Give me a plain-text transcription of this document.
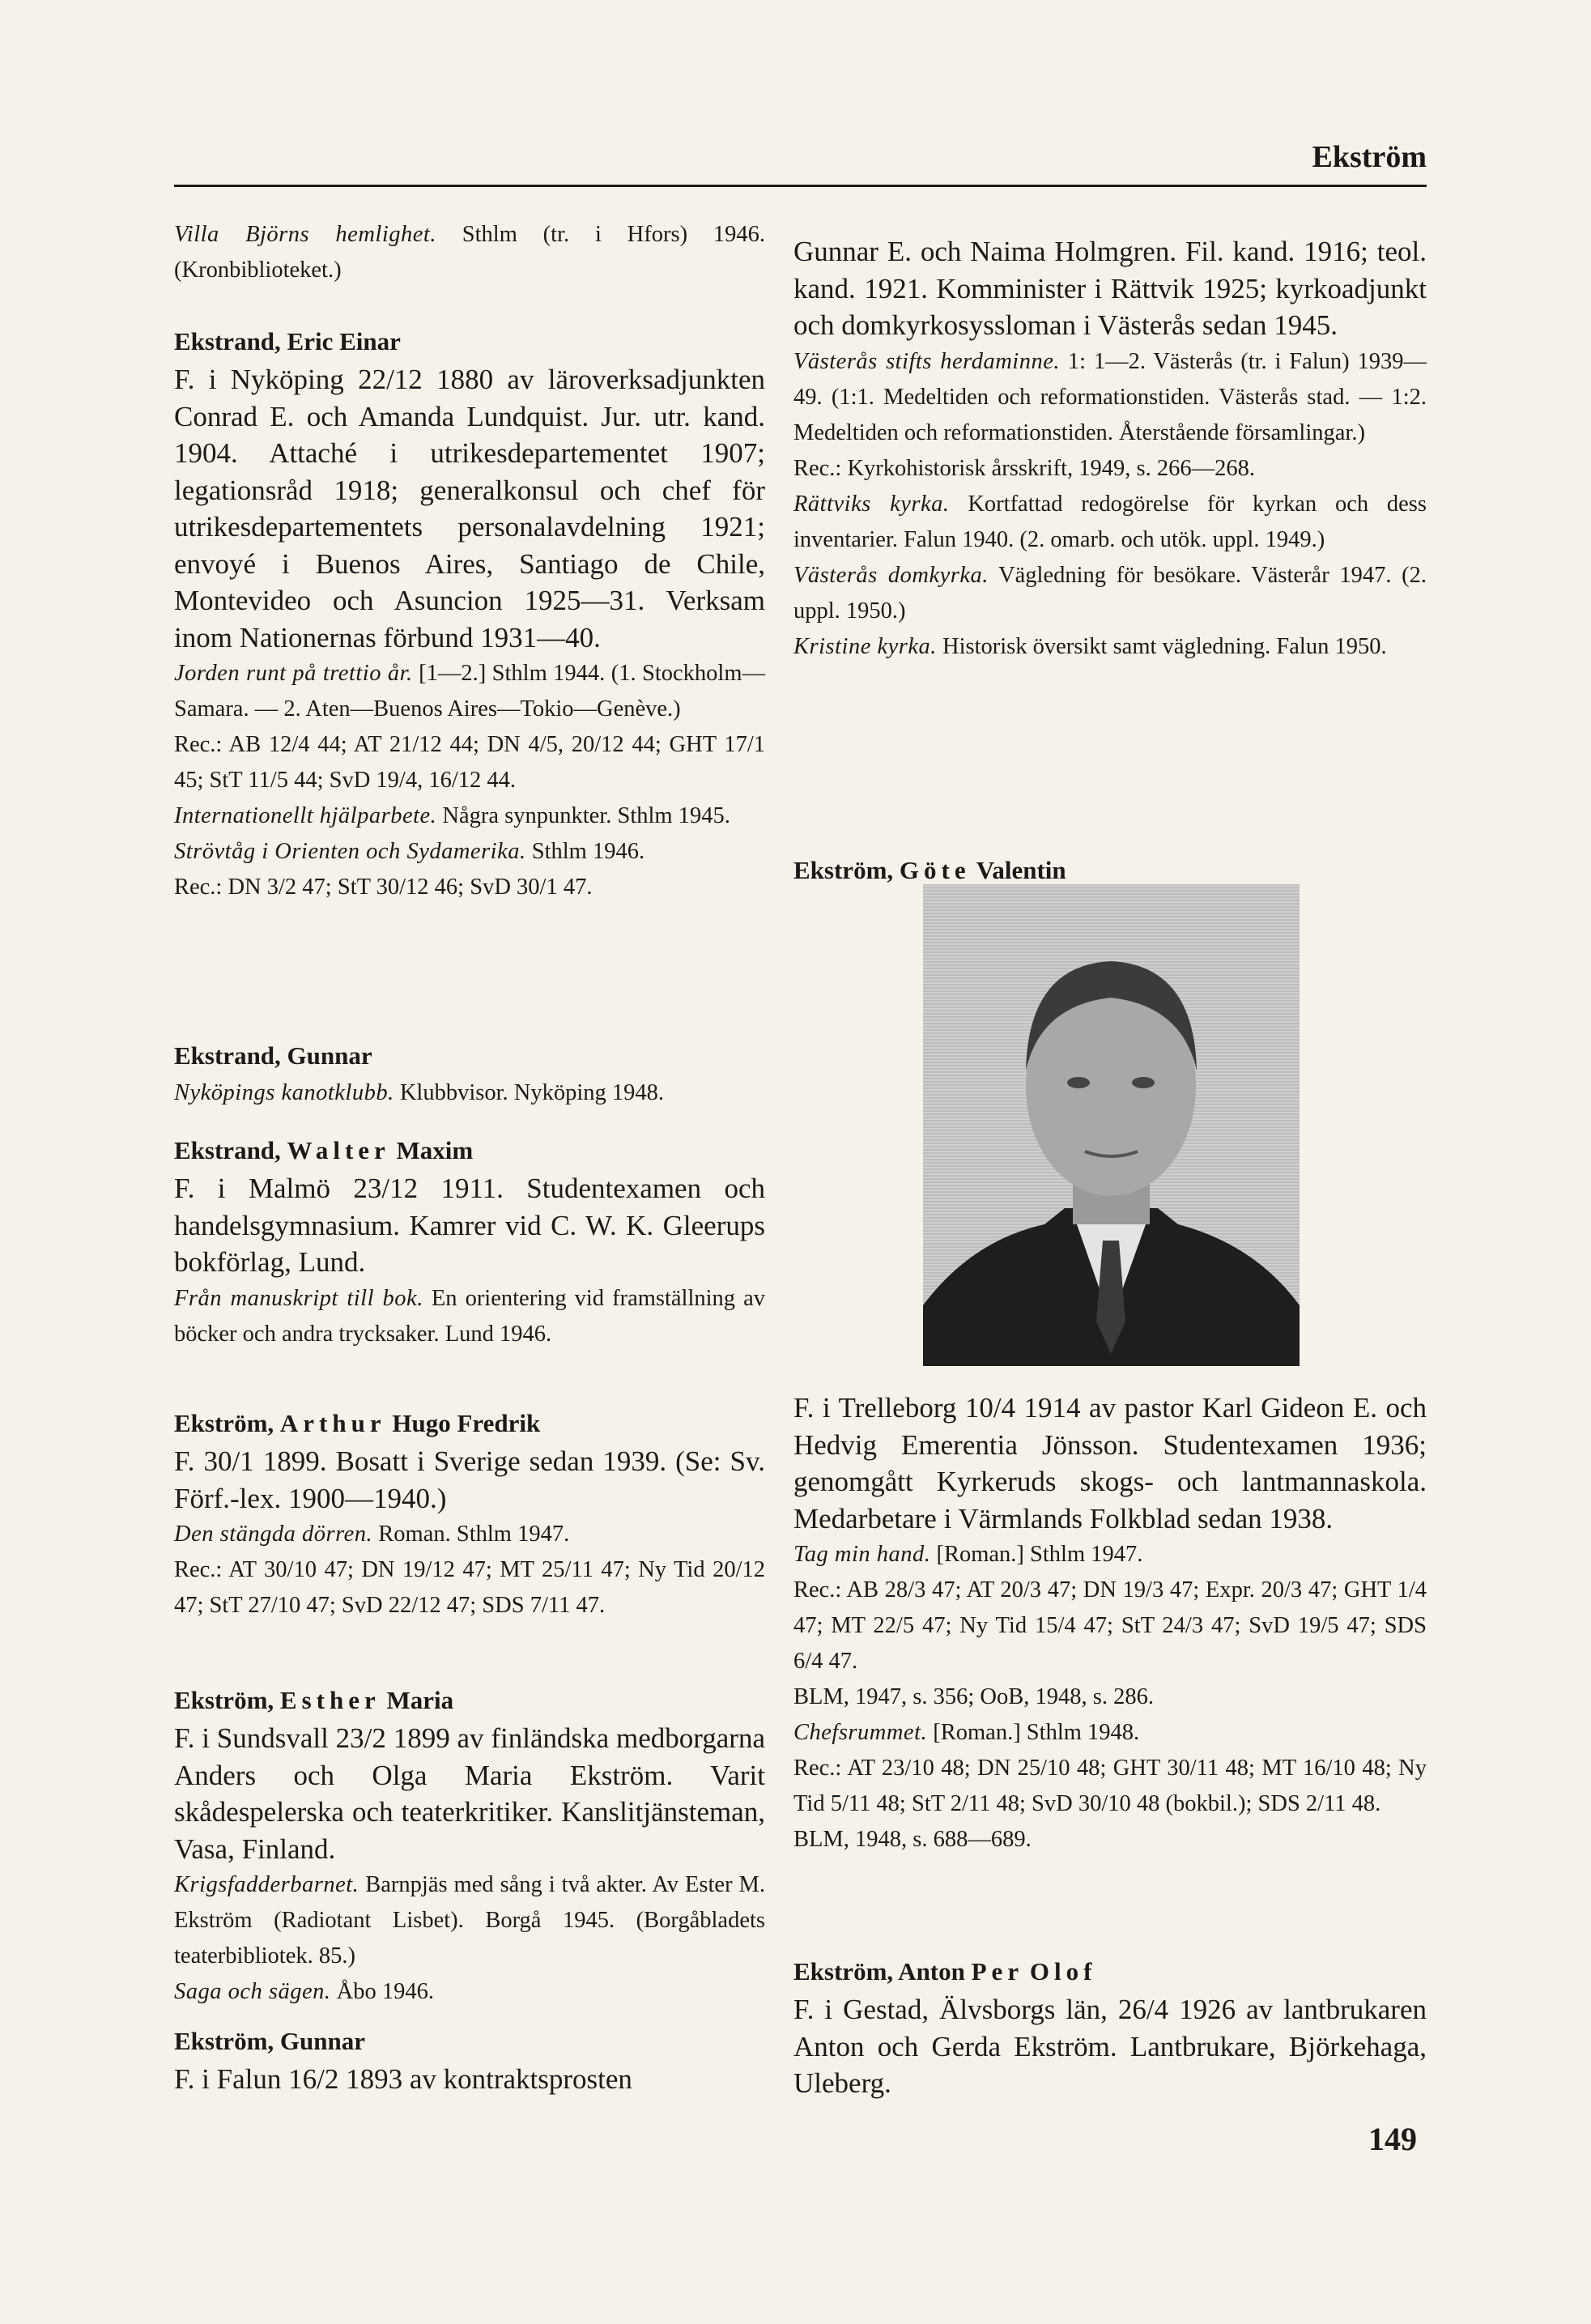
Ekström
149

Villa Björns hemlighet. Sthlm (tr. i Hfors) 1946. (Kronbiblioteket.)

Ekstrand, Eric Einar

F. i Nyköping 22/12 1880 av läroverksadjunkten Conrad E. och Amanda Lundquist. Jur. utr. kand. 1904. Attaché i utrikesdepartementet 1907; legationsråd 1918; generalkonsul och chef för utrikesdepartementets personalavdelning 1921; envoyé i Buenos Aires, Santiago de Chile, Montevideo och Asuncion 1925—31. Verksam inom Nationernas förbund 1931—40.

Jorden runt på trettio år. [1—2.] Sthlm 1944. (1. Stockholm—Samara. — 2. Aten—Buenos Aires—Tokio—Genève.)

Rec.: AB 12/4 44; AT 21/12 44; DN 4/5, 20/12 44; GHT 17/1 45; StT 11/5 44; SvD 19/4, 16/12 44.

Internationellt hjälparbete. Några synpunkter. Sthlm 1945.

Strövtåg i Orienten och Sydamerika. Sthlm 1946.

Rec.: DN 3/2 47; StT 30/12 46; SvD 30/1 47.

Ekstrand, Gunnar

Nyköpings kanotklubb. Klubbvisor. Nyköping 1948.

Ekstrand, Walter Maxim

F. i Malmö 23/12 1911. Studentexamen och handelsgymnasium. Kamrer vid C. W. K. Gleerups bokförlag, Lund.

Från manuskript till bok. En orientering vid framställning av böcker och andra trycksaker. Lund 1946.

Ekström, Arthur Hugo Fredrik

F. 30/1 1899. Bosatt i Sverige sedan 1939. (Se: Sv. Förf.-lex. 1900—1940.)

Den stängda dörren. Roman. Sthlm 1947.

Rec.: AT 30/10 47; DN 19/12 47; MT 25/11 47; Ny Tid 20/12 47; StT 27/10 47; SvD 22/12 47; SDS 7/11 47.

Ekström, Esther Maria

F. i Sundsvall 23/2 1899 av finländska medborgarna Anders och Olga Maria Ekström. Varit skådespelerska och teaterkritiker. Kanslitjänsteman, Vasa, Finland.

Krigsfadderbarnet. Barnpjäs med sång i två akter. Av Ester M. Ekström (Radiotant Lisbet). Borgå 1945. (Borgåbladets teaterbibliotek. 85.)

Saga och sägen. Åbo 1946.

Ekström, Gunnar

F. i Falun 16/2 1893 av kontraktsprosten

Gunnar E. och Naima Holmgren. Fil. kand. 1916; teol. kand. 1921. Komminister i Rättvik 1925; kyrkoadjunkt och domkyrkosyssloman i Västerås sedan 1945.

Västerås stifts herdaminne. 1: 1—2. Västerås (tr. i Falun) 1939—49. (1:1. Medeltiden och reformationstiden. Västerås stad. — 1:2. Medeltiden och reformationstiden. Återstående församlingar.)

Rec.: Kyrkohistorisk årsskrift, 1949, s. 266—268.

Rättviks kyrka. Kortfattad redogörelse för kyrkan och dess inventarier. Falun 1940. (2. omarb. och utök. uppl. 1949.)

Västerås domkyrka. Vägledning för besökare. Västerår 1947. (2. uppl. 1950.)

Kristine kyrka. Historisk översikt samt vägledning. Falun 1950.

Ekström, Göte Valentin

F. i Trelleborg 10/4 1914 av pastor Karl Gideon E. och Hedvig Emerentia Jönsson. Studentexamen 1936; genomgått Kyrkeruds skogs- och lantmannaskola. Medarbetare i Värmlands Folkblad sedan 1938.

Tag min hand. [Roman.] Sthlm 1947.

Rec.: AB 28/3 47; AT 20/3 47; DN 19/3 47; Expr. 20/3 47; GHT 1/4 47; MT 22/5 47; Ny Tid 15/4 47; StT 24/3 47; SvD 19/5 47; SDS 6/4 47.

BLM, 1947, s. 356; OoB, 1948, s. 286.

Chefsrummet. [Roman.] Sthlm 1948.

Rec.: AT 23/10 48; DN 25/10 48; GHT 30/11 48; MT 16/10 48; Ny Tid 5/11 48; StT 2/11 48; SvD 30/10 48 (bokbil.); SDS 2/11 48.

BLM, 1948, s. 688—689.

Ekström, Anton Per Olof

F. i Gestad, Älvsborgs län, 26/4 1926 av lantbrukaren Anton och Gerda Ekström. Lantbrukare, Björkehaga, Uleberg.
